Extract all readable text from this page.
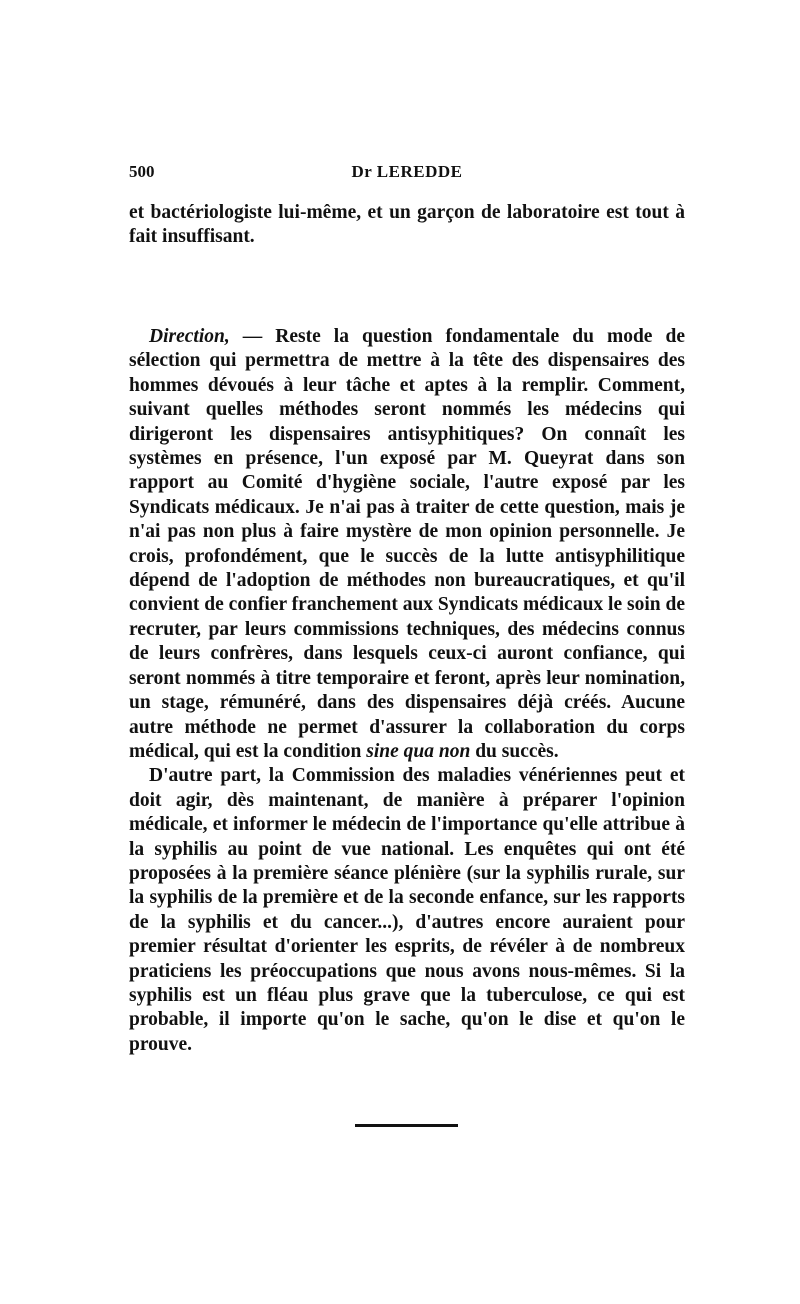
500	Dr LEREDDE

et bactériologiste lui-même, et un garçon de laboratoire est tout à fait insuffisant.

Direction, — Reste la question fondamentale du mode de sélection qui permettra de mettre à la tête des dispensaires des hommes dévoués à leur tâche et aptes à la remplir. Comment, suivant quelles méthodes seront nommés les médecins qui dirigeront les dispensaires antisyphitiques? On connaît les systèmes en présence, l'un exposé par M. Queyrat dans son rapport au Comité d'hygiène sociale, l'autre exposé par les Syndicats médicaux. Je n'ai pas à traiter de cette question, mais je n'ai pas non plus à faire mystère de mon opinion personnelle. Je crois, profondément, que le succès de la lutte antisyphilitique dépend de l'adoption de méthodes non bureaucratiques, et qu'il convient de confier franchement aux Syndicats médicaux le soin de recruter, par leurs commissions techniques, des médecins connus de leurs confrères, dans lesquels ceux-ci auront confiance, qui seront nommés à titre temporaire et feront, après leur nomination, un stage, rémunéré, dans des dispensaires déjà créés. Aucune autre méthode ne permet d'assurer la collaboration du corps médical, qui est la condition sine qua non du succès.

D'autre part, la Commission des maladies vénériennes peut et doit agir, dès maintenant, de manière à préparer l'opinion médicale, et informer le médecin de l'importance qu'elle attribue à la syphilis au point de vue national. Les enquêtes qui ont été proposées à la première séance plénière (sur la syphilis rurale, sur la syphilis de la première et de la seconde enfance, sur les rapports de la syphilis et du cancer...), d'autres encore auraient pour premier résultat d'orienter les esprits, de révéler à de nombreux praticiens les préoccupations que nous avons nous-mêmes. Si la syphilis est un fléau plus grave que la tuberculose, ce qui est probable, il importe qu'on le sache, qu'on le dise et qu'on le prouve.
